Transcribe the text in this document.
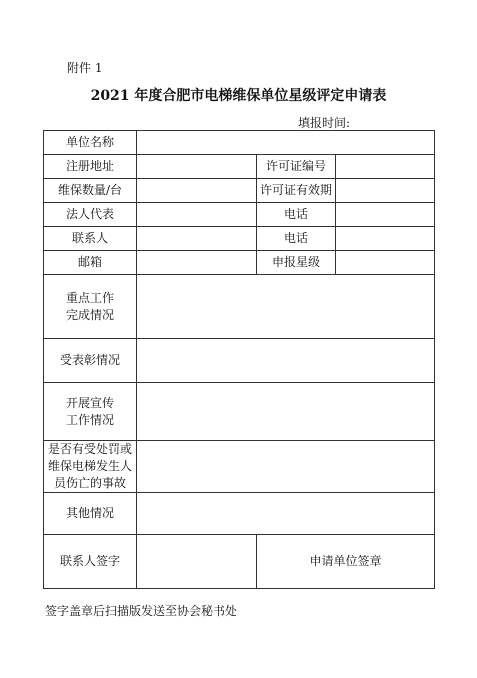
附件 1
2021 年度合肥市电梯维保单位星级评定申请表
填报时间:
单位名称			
注册地址		许可证编号	
维保数量/台		许可证有效期	
法人代表		电话	
联系人		电话	
邮箱		申报星级	
重点工作
完成情况			
受表彰情况			
开展宣传
工作情况			
是否有受处罚或
维保电梯发生人
员伤亡的事故			
其他情况			
联系人签字		申请单位签章	
签字盖章后扫描版发送至协会秘书处
